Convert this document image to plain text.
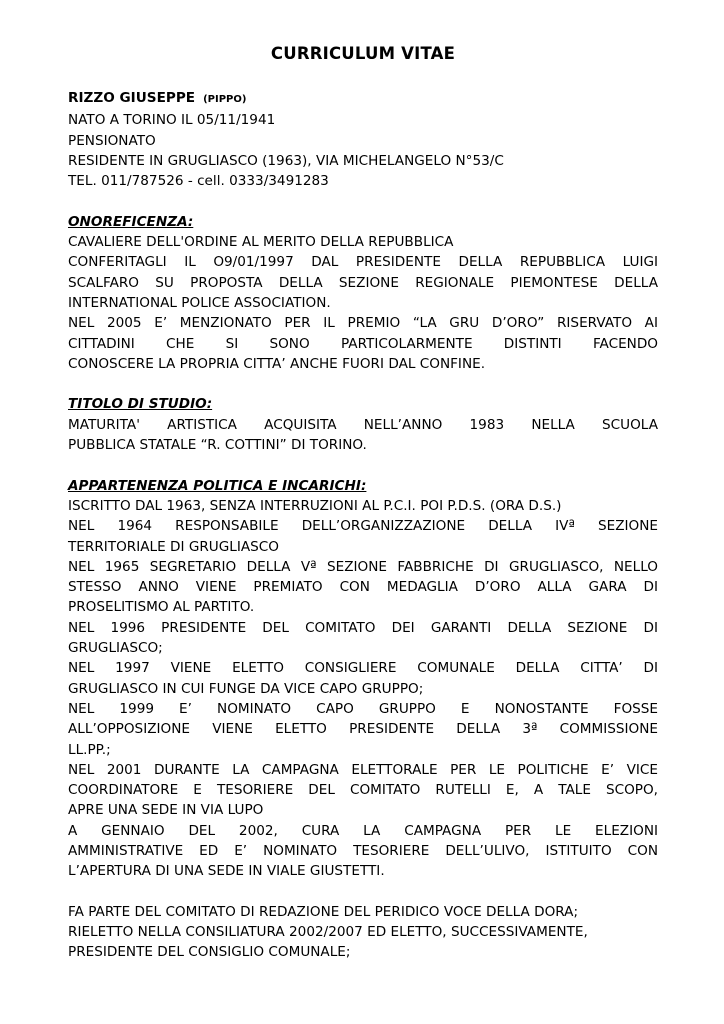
CURRICULUM VITAE
RIZZO GIUSEPPE (PIPPO)
NATO A TORINO IL 05/11/1941
PENSIONATO
RESIDENTE IN GRUGLIASCO (1963), VIA MICHELANGELO N°53/C
TEL. 011/787526 - cell. 0333/3491283
ONOREFICENZA:
CAVALIERE DELL'ORDINE AL MERITO DELLA REPUBBLICA
CONFERITAGLI IL O9/01/1997 DAL PRESIDENTE DELLA REPUBBLICA LUIGI
SCALFARO SU PROPOSTA DELLA SEZIONE REGIONALE PIEMONTESE DELLA
INTERNATIONAL POLICE ASSOCIATION.
NEL 2005 E’ MENZIONATO PER IL PREMIO “LA GRU D’ORO” RISERVATO AI
CITTADINI CHE SI SONO PARTICOLARMENTE DISTINTI FACENDO
CONOSCERE LA PROPRIA CITTA’ ANCHE FUORI DAL CONFINE.
TITOLO DI STUDIO:
MATURITA' ARTISTICA ACQUISITA NELL’ANNO 1983 NELLA SCUOLA
PUBBLICA STATALE “R. COTTINI” DI TORINO.
APPARTENENZA POLITICA E INCARICHI:
ISCRITTO DAL 1963, SENZA INTERRUZIONI AL P.C.I. POI P.D.S. (ORA D.S.)
NEL 1964 RESPONSABILE DELL’ORGANIZZAZIONE DELLA IVª SEZIONE
TERRITORIALE DI GRUGLIASCO
NEL 1965 SEGRETARIO DELLA Vª SEZIONE FABBRICHE DI GRUGLIASCO, NELLO
STESSO ANNO VIENE PREMIATO CON MEDAGLIA D’ORO ALLA GARA DI
PROSELITISMO AL PARTITO.
NEL 1996 PRESIDENTE DEL COMITATO DEI GARANTI DELLA SEZIONE DI
GRUGLIASCO;
NEL 1997 VIENE ELETTO CONSIGLIERE COMUNALE DELLA CITTA’ DI
GRUGLIASCO IN CUI FUNGE DA VICE CAPO GRUPPO;
NEL 1999 E’ NOMINATO CAPO GRUPPO E NONOSTANTE FOSSE
ALL’OPPOSIZIONE VIENE ELETTO PRESIDENTE DELLA 3ª COMMISSIONE
LL.PP.;
NEL 2001 DURANTE LA CAMPAGNA ELETTORALE PER LE POLITICHE E’ VICE
COORDINATORE E TESORIERE DEL COMITATO RUTELLI E, A TALE SCOPO,
APRE UNA SEDE IN VIA LUPO
A GENNAIO DEL 2002, CURA LA CAMPAGNA PER LE ELEZIONI
AMMINISTRATIVE ED E’ NOMINATO TESORIERE DELL’ULIVO, ISTITUITO CON
L’APERTURA DI UNA SEDE IN VIALE GIUSTETTI.
FA PARTE DEL COMITATO DI REDAZIONE DEL PERIDICO VOCE DELLA DORA;
RIELETTO NELLA CONSILIATURA 2002/2007 ED ELETTO, SUCCESSIVAMENTE,
PRESIDENTE DEL CONSIGLIO COMUNALE;
